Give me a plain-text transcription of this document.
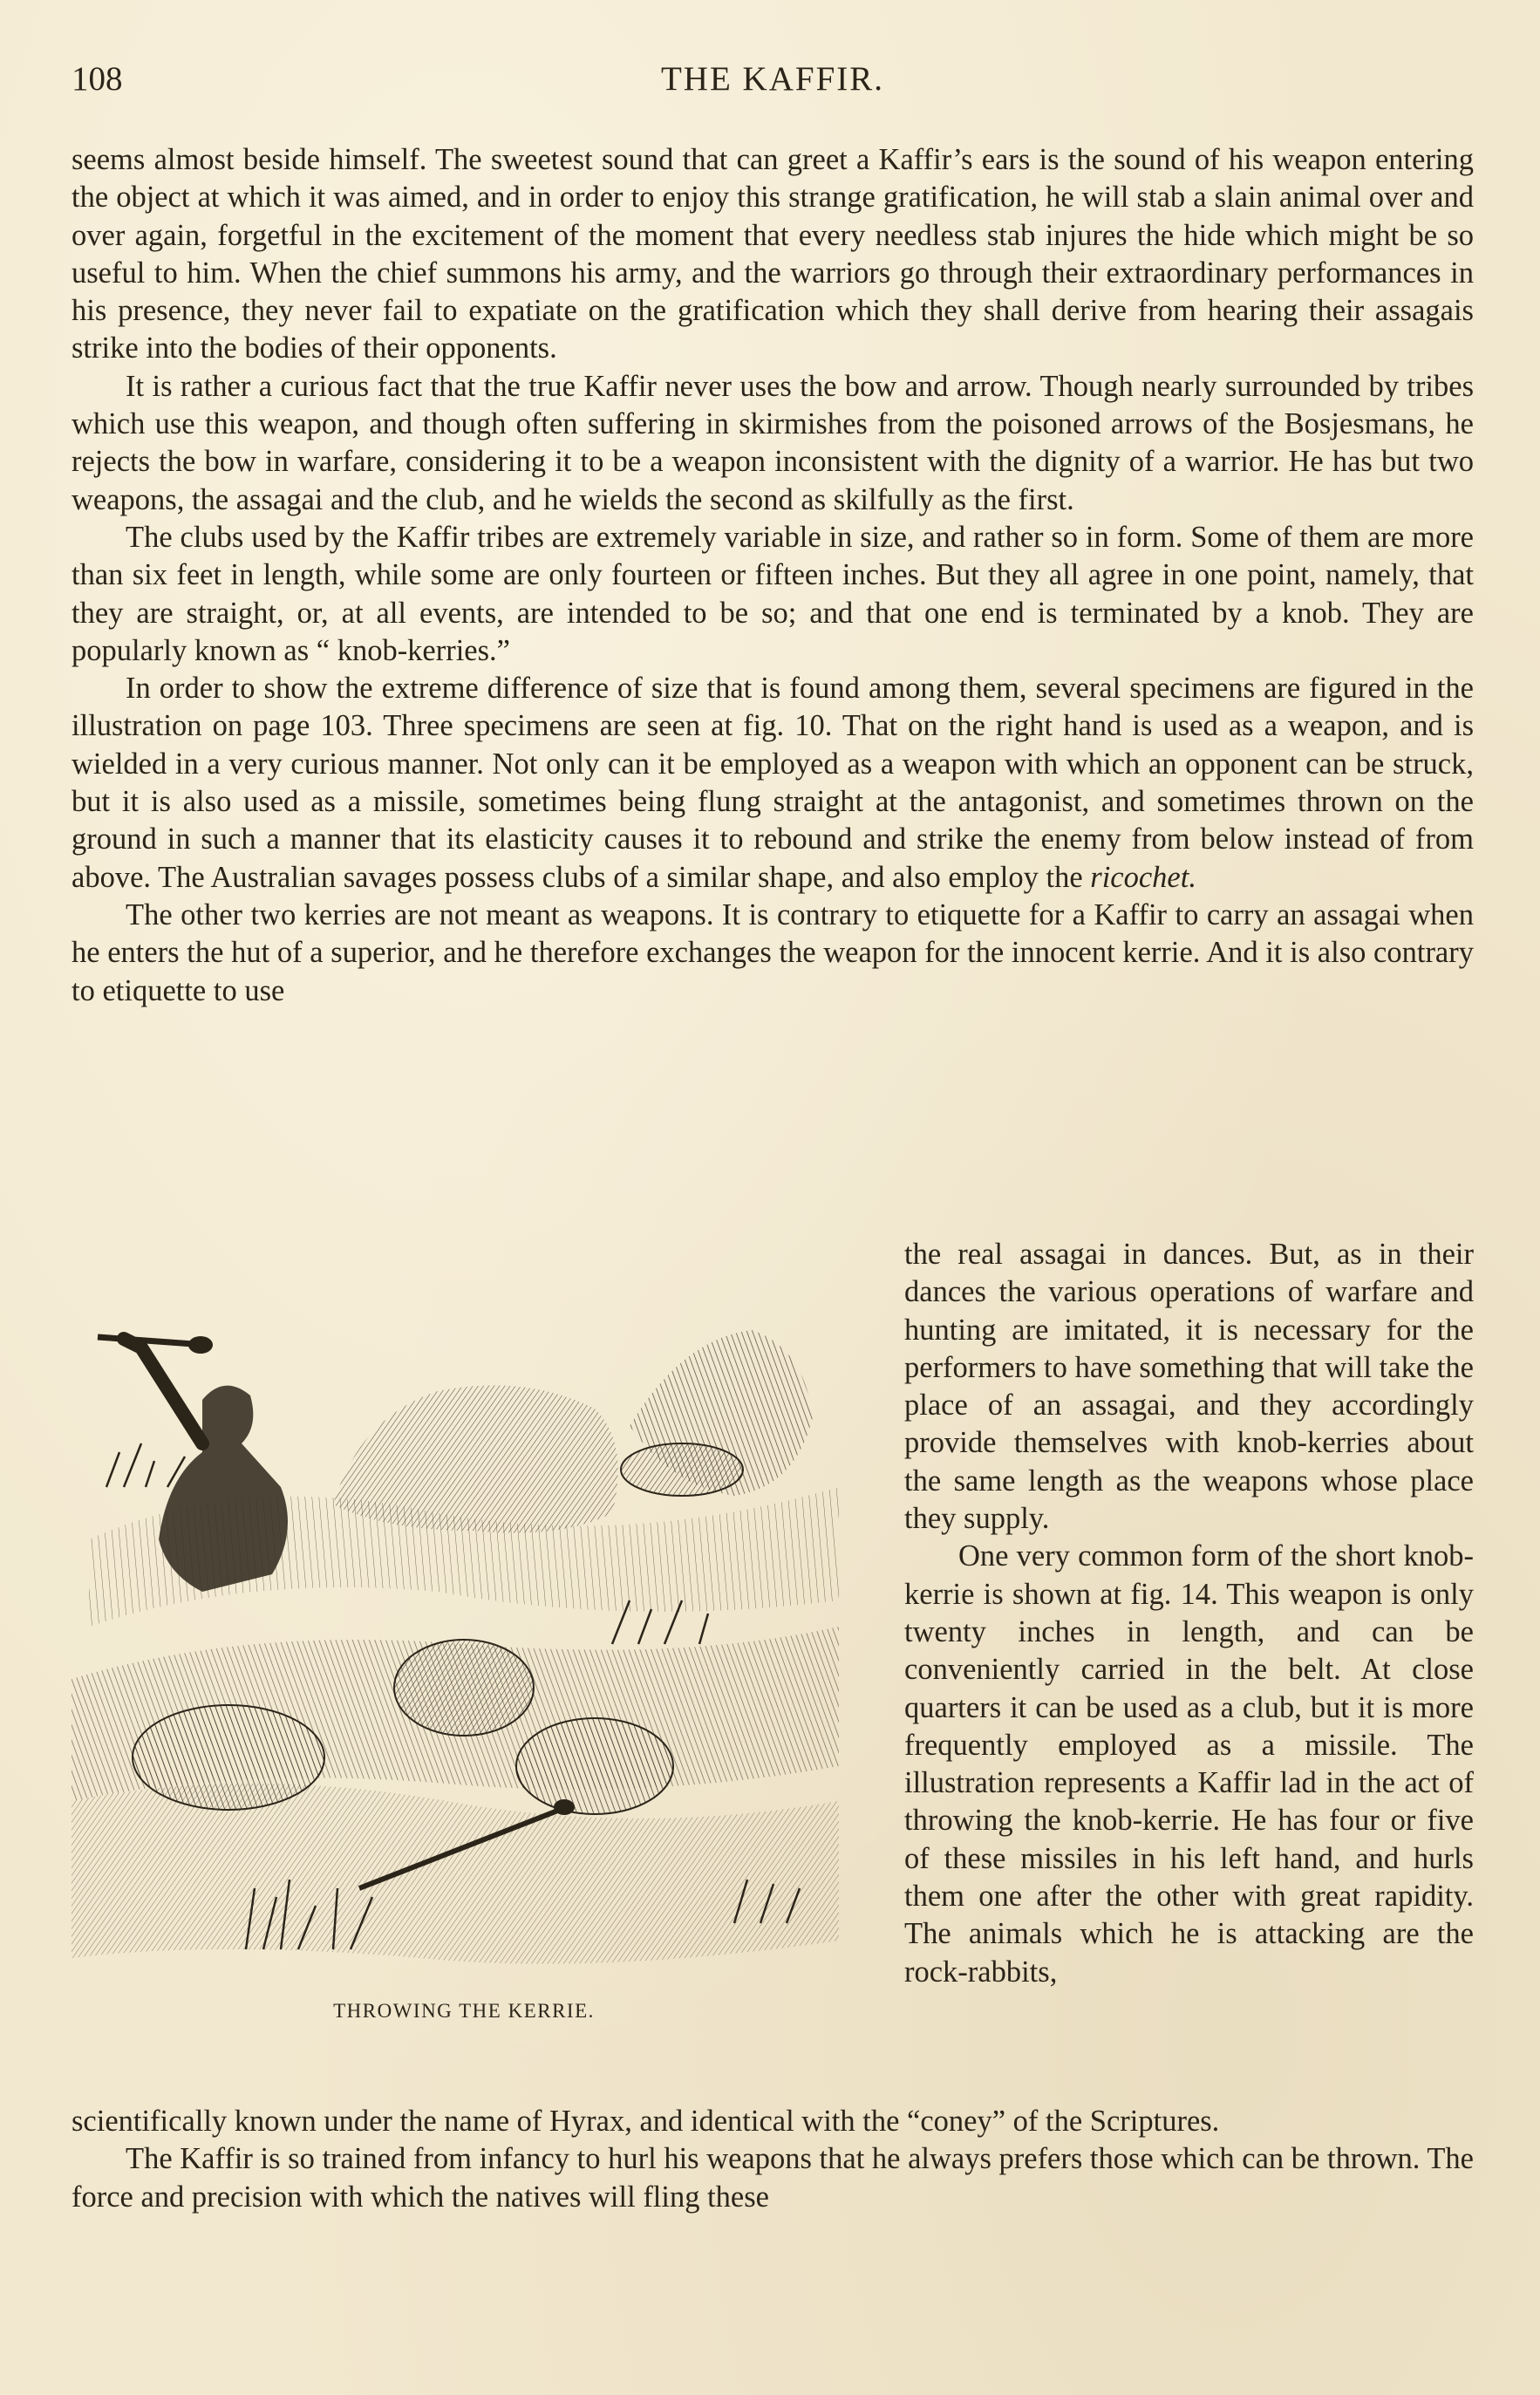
108	THE KAFFIR.

seems almost beside himself. The sweetest sound that can greet a Kaffir’s ears is the sound of his weapon entering the object at which it was aimed, and in order to enjoy this strange gratification, he will stab a slain animal over and over again, forgetful in the excitement of the moment that every needless stab injures the hide which might be so useful to him. When the chief summons his army, and the warriors go through their extraordinary performances in his presence, they never fail to expatiate on the gratification which they shall derive from hearing their assagais strike into the bodies of their opponents.

It is rather a curious fact that the true Kaffir never uses the bow and arrow. Though nearly surrounded by tribes which use this weapon, and though often suffering in skirmishes from the poisoned arrows of the Bosjesmans, he rejects the bow in warfare, considering it to be a weapon inconsistent with the dignity of a warrior. He has but two weapons, the assagai and the club, and he wields the second as skilfully as the first.

The clubs used by the Kaffir tribes are extremely variable in size, and rather so in form. Some of them are more than six feet in length, while some are only fourteen or fifteen inches. But they all agree in one point, namely, that they are straight, or, at all events, are intended to be so; and that one end is terminated by a knob. They are popularly known as “ knob-kerries.”

In order to show the extreme difference of size that is found among them, several specimens are figured in the illustration on page 103. Three specimens are seen at fig. 10. That on the right hand is used as a weapon, and is wielded in a very curious manner. Not only can it be employed as a weapon with which an opponent can be struck, but it is also used as a missile, sometimes being flung straight at the antagonist, and sometimes thrown on the ground in such a manner that its elasticity causes it to rebound and strike the enemy from below instead of from above. The Australian savages possess clubs of a similar shape, and also employ the ricochet.

The other two kerries are not meant as weapons. It is contrary to etiquette for a Kaffir to carry an assagai when he enters the hut of a superior, and he therefore exchanges the weapon for the innocent kerrie. And it is also contrary to etiquette to use

THROWING THE KERRIE.

the real assagai in dances. But, as in their dances the various operations of warfare and hunting are imitated, it is necessary for the performers to have something that will take the place of an assagai, and they accordingly provide themselves with knob-kerries about the same length as the weapons whose place they supply.

One very common form of the short knob-kerrie is shown at fig. 14. This weapon is only twenty inches in length, and can be conveniently carried in the belt. At close quarters it can be used as a club, but it is more frequently employed as a missile. The illustration represents a Kaffir lad in the act of throwing the knob-kerrie. He has four or five of these missiles in his left hand, and hurls them one after the other with great rapidity. The animals which he is attacking are the rock-rabbits,

scientifically known under the name of Hyrax, and identical with the “coney” of the Scriptures.

The Kaffir is so trained from infancy to hurl his weapons that he always prefers those which can be thrown. The force and precision with which the natives will fling these
